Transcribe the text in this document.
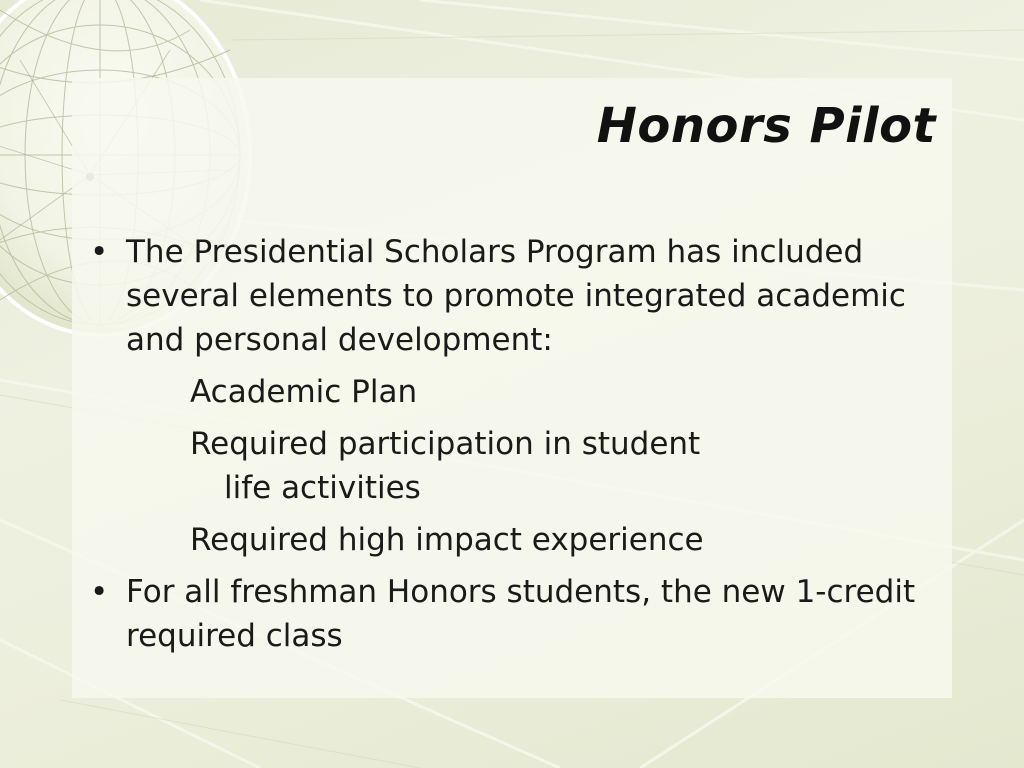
Honors Pilot
• The Presidential Scholars Program has included several elements to promote integrated academic and personal development:
Academic Plan
Required participation in student
life activities
Required high impact experience
• For all freshman Honors students, the new 1-credit required class
